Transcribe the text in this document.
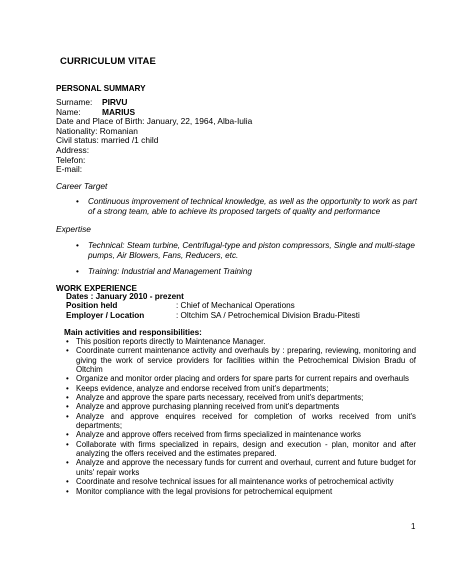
CURRICULUM VITAE
PERSONAL SUMMARY
Surname: PIRVU
Name:	MARIUS
Date and Place of Birth: January, 22, 1964, Alba-Iulia
Nationality: Romanian
Civil status: married /1 child
Address:
Telefon:
E-mail:
Career Target
• Continuous improvement of technical knowledge, as well as the opportunity to work as part of a strong team, able to achieve its proposed targets of quality and performance
Expertise
• Technical: Steam turbine, Centrifugal-type and piston compressors, Single and multi-stage pumps, Air Blowers, Fans, Reducers, etc.
• Training: Industrial and Management Training
WORK EXPERIENCE
Dates : January 2010 - prezent
Position held	: Chief of Mechanical Operations
Employer / Location	: Oltchim SA / Petrochemical Division Bradu-Pitesti
Main activities and responsibilities:
• This position reports directly to Maintenance Manager.
• Coordinate current maintenance activity and overhauls by : preparing, reviewing, monitoring and giving the work of service providers for facilities within the Petrochemical Division Bradu of Oltchim
• Organize and monitor order placing and orders for spare parts for current repairs and overhauls
• Keeps evidence, analyze and endorse received from unit's departments;
• Analyze and approve the spare parts necessary, received from unit's departments;
• Analyze and approve purchasing planning received from unit's departments
• Analyze and approve enquires received for completion of works received from unit's departments;
• Analyze and approve offers received from firms specialized in maintenance works
• Collaborate with firms specialized in repairs, design and execution - plan, monitor and after analyzing the offers received and the estimates prepared.
• Analyze and approve the necessary funds for current and overhaul, current and future budget for units' repair works
• Coordinate and resolve technical issues for all maintenance works of petrochemical activity
• Monitor compliance with the legal provisions for petrochemical equipment
1
